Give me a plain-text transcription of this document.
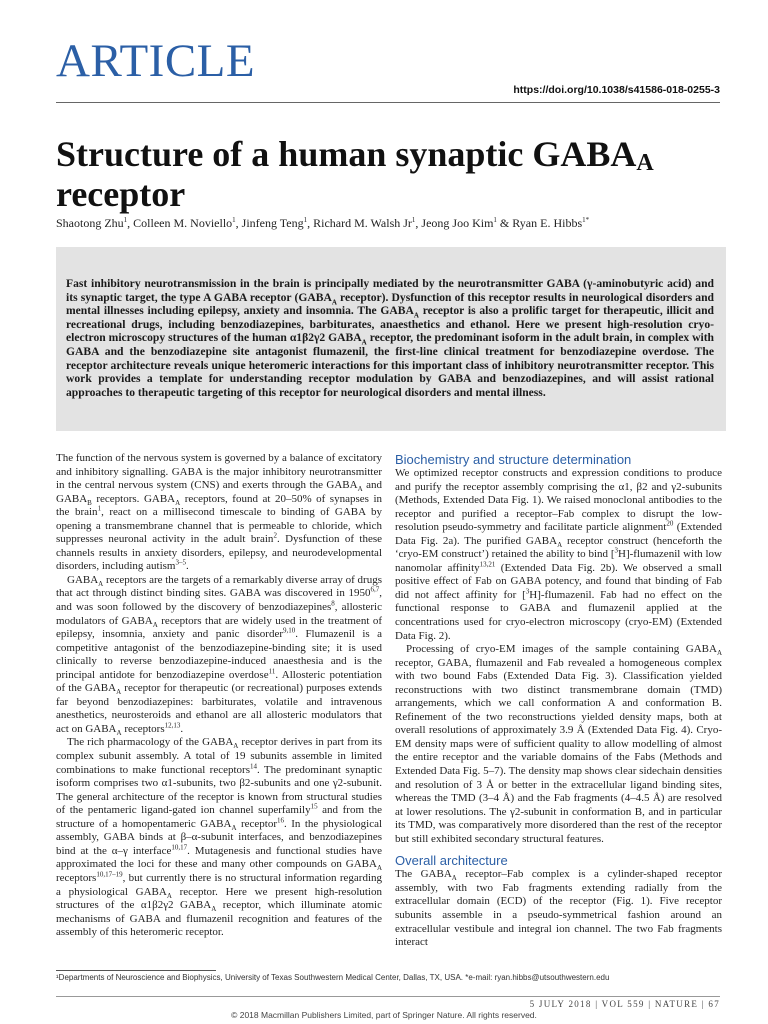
ARTICLE
https://doi.org/10.1038/s41586-018-0255-3
Structure of a human synaptic $GABA_A$
receptor
Shaotong Zhu$^1$, Colleen M. Noviello$^1$, Jinfeng Teng$^1$, Richard M. Walsh Jr$^1$, Jeong Joo Kim$^1$ & Ryan E. Hibbs$^{1*}$
Fast inhibitory neurotransmission in the brain is principally mediated by the neurotransmitter GABA (γ-aminobutyric acid) and its synaptic target, the type A GABA receptor ($GABA_A$ receptor). Dysfunction of this receptor results in neurological disorders and mental illnesses including epilepsy, anxiety and insomnia. The $GABA_A$ receptor is also a prolific target for therapeutic, illicit and recreational drugs, including benzodiazepines, barbiturates, anaesthetics and ethanol. Here we present high-resolution cryo-electron microscopy structures of the human α1β2γ2 $GABA_A$ receptor, the predominant isoform in the adult brain, in complex with GABA and the benzodiazepine site antagonist flumazenil, the first-line clinical treatment for benzodiazepine overdose. The receptor architecture reveals unique heteromeric interactions for this important class of inhibitory neurotransmitter receptor. This work provides a template for understanding receptor modulation by GABA and benzodiazepines, and will assist rational approaches to therapeutic targeting of this receptor for neurological disorders and mental illness.

The function of the nervous system is governed by a balance of excitatory and inhibitory signalling. GABA is the major inhibitory neurotransmitter in the central nervous system (CNS) and exerts through the $GABA_A$ and $GABA_B$ receptors. $GABA_A$ receptors, found at 20–50% of synapses in the brain$^1$, react on a millisecond timescale to binding of GABA by opening a transmembrane channel that is permeable to chloride, which suppresses neuronal activity in the adult brain$^2$. Dysfunction of these channels results in anxiety disorders, epilepsy, and neurodevelopmental disorders, including autism$^{3-5}$.

$GABA_A$ receptors are the targets of a remarkably diverse array of drugs that act through distinct binding sites. GABA was discovered in 1950$^{6,7}$, and was soon followed by the discovery of benzodiazepines$^8$, allosteric modulators of $GABA_A$ receptors that are widely used in the treatment of epilepsy, insomnia, anxiety and panic disorder$^{9,10}$. Flumazenil is a competitive antagonist of the benzodiazepine-binding site; it is used clinically to reverse benzodiazepine-induced anaesthesia and is the principal antidote for benzodiazepine overdose$^{11}$. Allosteric potentiation of the $GABA_A$ receptor for therapeutic (or recreational) purposes extends far beyond benzodiazepines: barbiturates, volatile and intravenous anesthetics, neurosteroids and ethanol are all allosteric modulators that act on $GABA_A$ receptors$^{12,13}$.

The rich pharmacology of the $GABA_A$ receptor derives in part from its complex subunit assembly. A total of 19 subunits assemble in limited combinations to make functional receptors$^{14}$. The predominant synaptic isoform comprises two α1-subunits, two β2-subunits and one γ2-subunit. The general architecture of the receptor is known from structural studies of the pentameric ligand-gated ion channel superfamily$^{15}$ and from the structure of a homopentameric $GABA_A$ receptor$^{16}$. In the physiological assembly, GABA binds at β–α-subunit interfaces, and benzodiazepines bind at the α–γ interface$^{10,17}$. Mutagenesis and functional studies have approximated the loci for these and many other compounds on $GABA_A$ receptors$^{10,17-19}$, but currently there is no structural information regarding a physiological $GABA_A$ receptor. Here we present high-resolution structures of the α1β2γ2 $GABA_A$ receptor, which illuminate atomic mechanisms of GABA and flumazenil recognition and features of the assembly of this heteromeric receptor.

Biochemistry and structure determination

We optimized receptor constructs and expression conditions to produce and purify the receptor assembly comprising the α1, β2 and γ2-subunits (Methods, Extended Data Fig. 1). We raised monoclonal antibodies to the receptor and purified a receptor–Fab complex to disrupt the low-resolution pseudo-symmetry and facilitate particle alignment$^{20}$ (Extended Data Fig. 2a). The purified $GABA_A$ receptor construct (henceforth the ‘cryo-EM construct’) retained the ability to bind [$^3$H]-flumazenil with low nanomolar affinity$^{13,21}$ (Extended Data Fig. 2b). We observed a small positive effect of Fab on GABA potency, and found that binding of Fab did not affect affinity for [$^3$H]-flumazenil. Fab had no effect on the functional response to GABA and flumazenil applied at the concentrations used for cryo-electron microscopy (cryo-EM) (Extended Data Fig. 2).

Processing of cryo-EM images of the sample containing $GABA_A$ receptor, GABA, flumazenil and Fab revealed a homogeneous complex with two bound Fabs (Extended Data Fig. 3). Classification yielded reconstructions with two distinct transmembrane domain (TMD) arrangements, which we call conformation A and conformation B. Refinement of the two reconstructions yielded density maps, both at overall resolutions of approximately 3.9 Å (Extended Data Fig. 4). Cryo-EM density maps were of sufficient quality to allow modelling of almost the entire receptor and the variable domains of the Fabs (Methods and Extended Data Fig. 5–7). The density map shows clear sidechain densities and resolution of 3 Å or better in the extracellular ligand binding sites, whereas the TMD (3–4 Å) and the Fab fragments (4–4.5 Å) are resolved at lower resolutions. The γ2-subunit in conformation B, and in particular its TMD, was comparatively more disordered than the rest of the receptor but still exhibited secondary structural features.

Overall architecture

The $GABA_A$ receptor–Fab complex is a cylinder-shaped receptor assembly, with two Fab fragments extending radially from the extracellular domain (ECD) of the receptor (Fig. 1). Five receptor subunits assemble in a pseudo-symmetrical fashion around an extracellular vestibule and integral ion channel. The two Fab fragments interact

¹Departments of Neuroscience and Biophysics, University of Texas Southwestern Medical Center, Dallas, TX, USA. *e-mail: ryan.hibbs@utsouthwestern.edu
5 JULY 2018 | VOL 559 | NATURE | 67
© 2018 Macmillan Publishers Limited, part of Springer Nature. All rights reserved.
